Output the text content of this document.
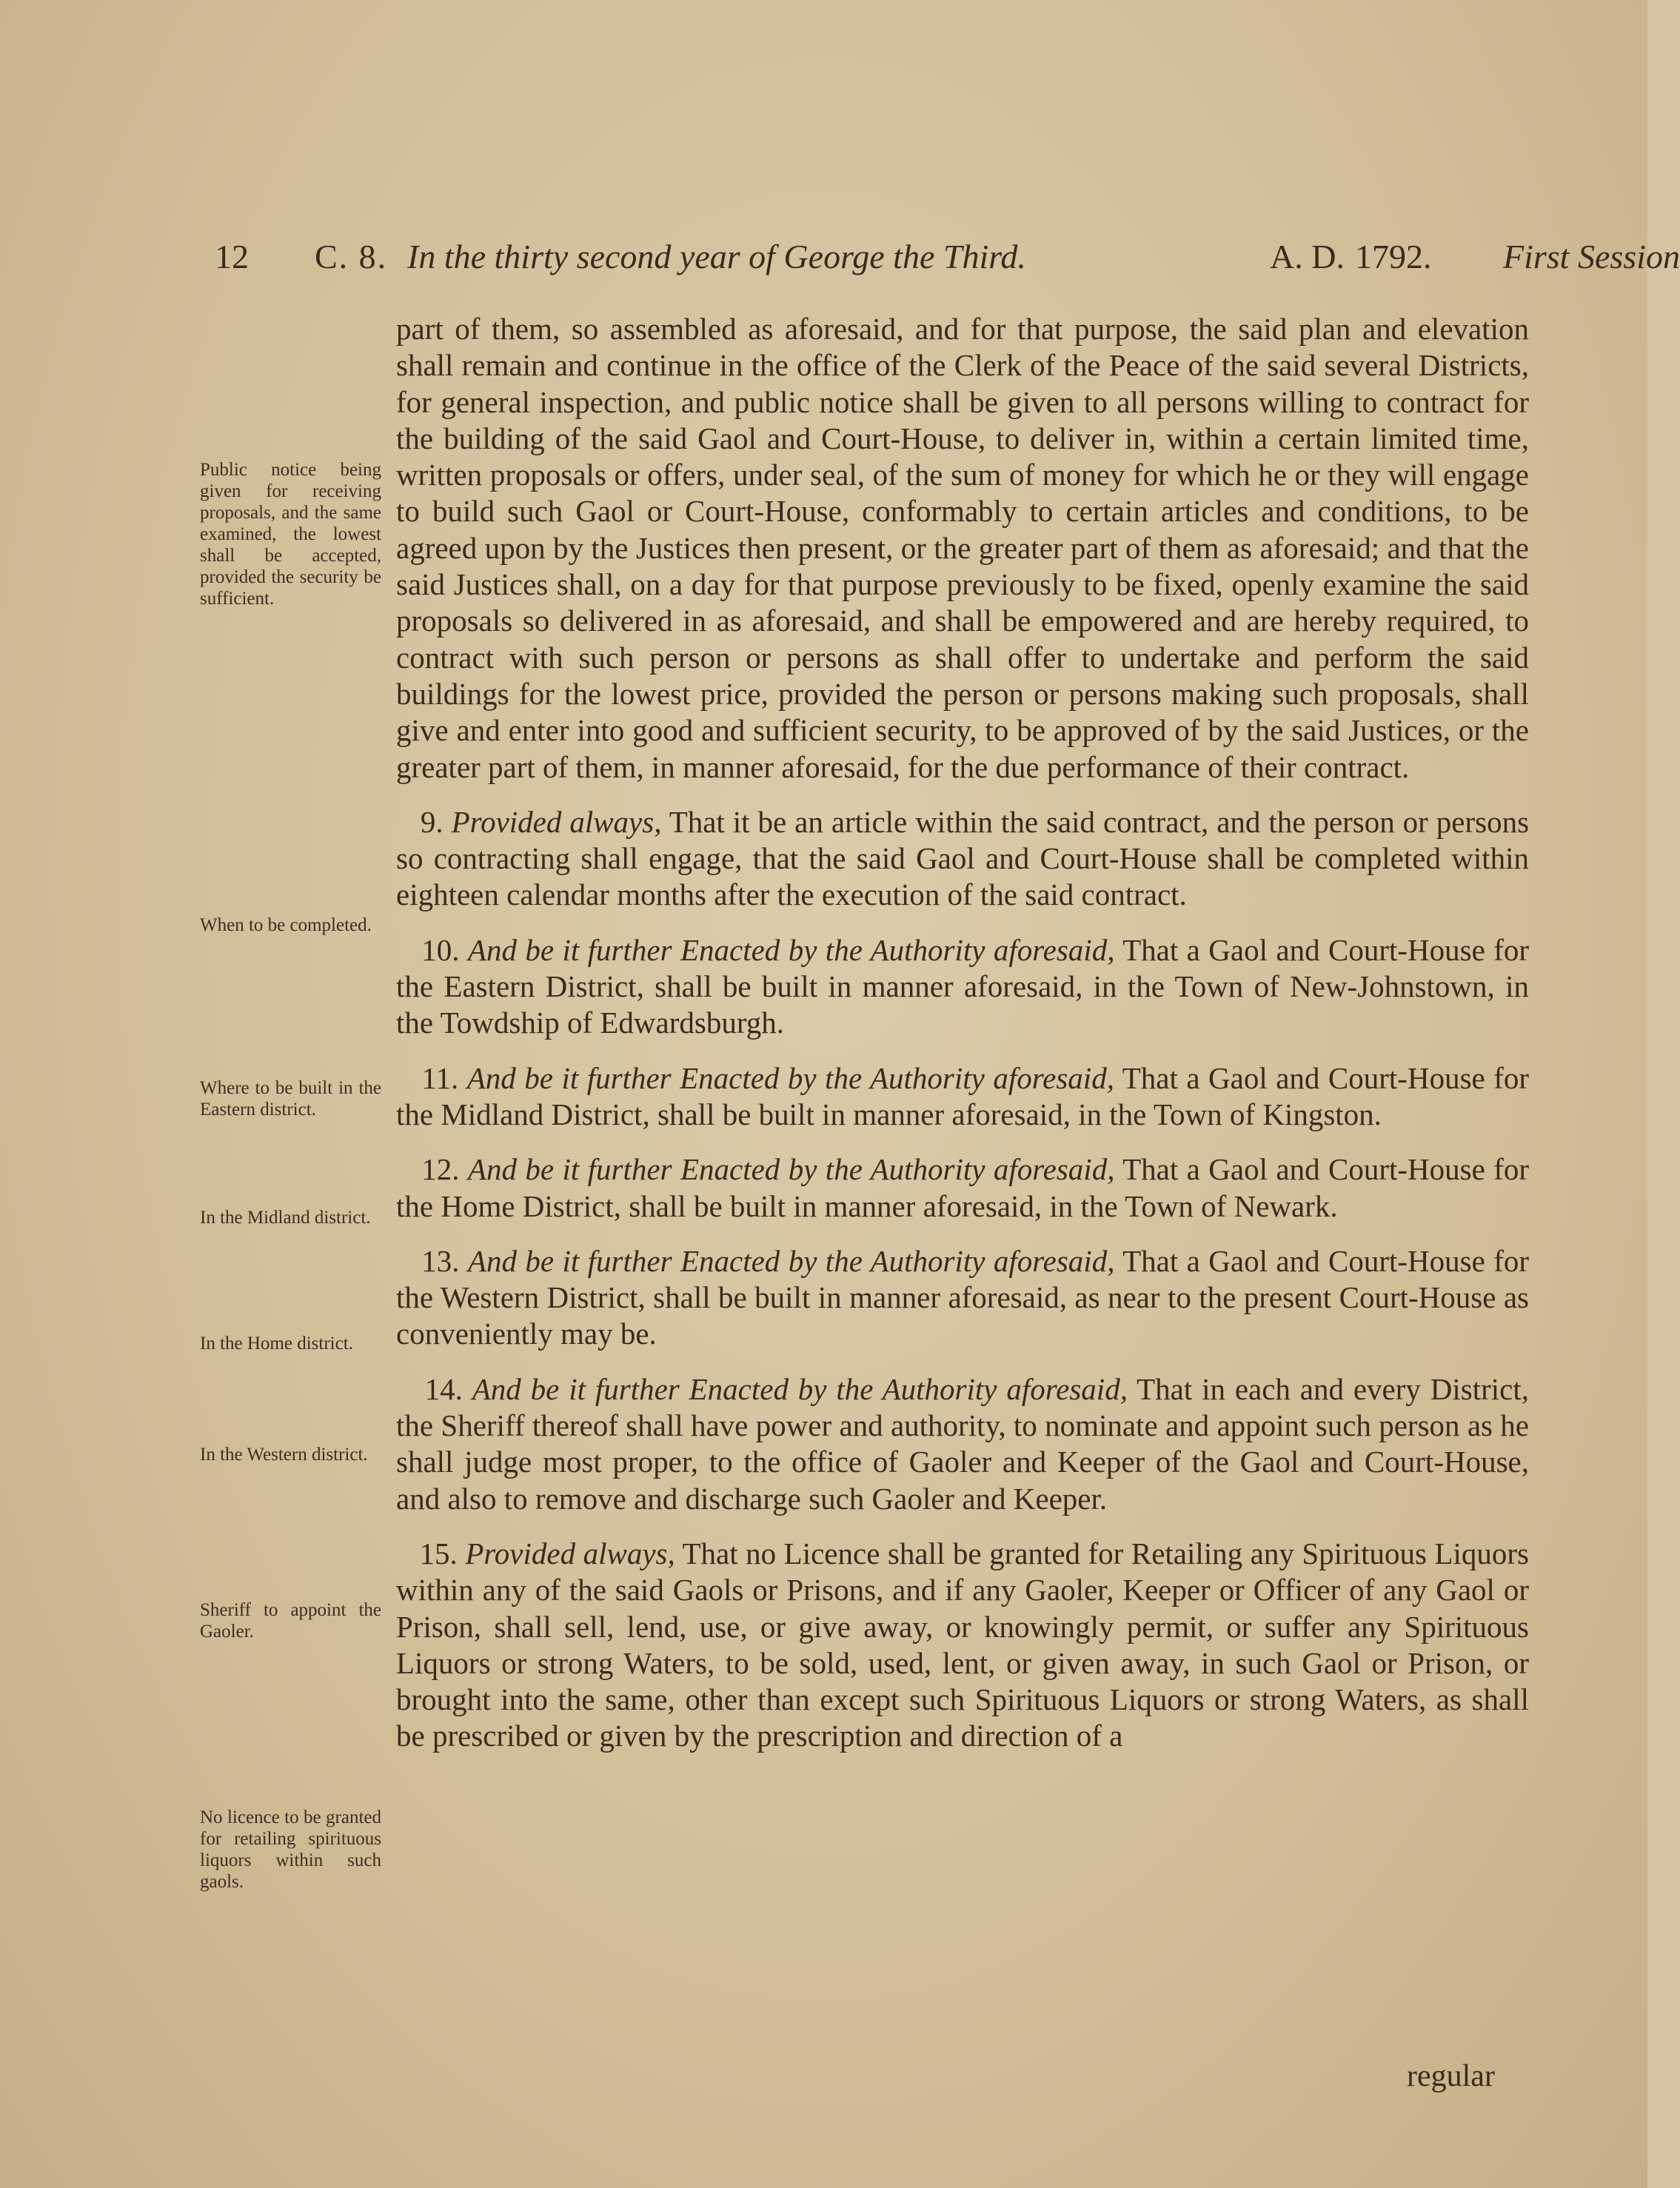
12 C. 8. In the thirty second year of George the Third.	A. D. 1792. First Session

part of them, so assembled as aforesaid, and for that purpose, the said plan and elevation shall remain and continue in the office of the Clerk of the Peace of the said several Districts, for general inspection, and public notice shall be given to all persons willing to contract for the building of the said Gaol and Court-House, to deliver in, within a certain limited time, written proposals or offers, under seal, of the sum of money for which he or they will engage to build such Gaol or Court-House, conformably to certain articles and conditions, to be agreed upon by the Justices then present, or the greater part of them as aforesaid; and that the said Justices shall, on a day for that purpose previously to be fixed, openly examine the said proposals so delivered in as aforesaid, and shall be empowered and are hereby required, to contract with such person or persons as shall offer to undertake and perform the said buildings for the lowest price, provided the person or persons making such proposals, shall give and enter into good and sufficient security, to be approved of by the said Justices, or the greater part of them, in manner aforesaid, for the due performance of their contract.

9. Provided always, That it be an article within the said contract, and the person or persons so contracting shall engage, that the said Gaol and Court-House shall be completed within eighteen calendar months after the execution of the said contract.

10. And be it further Enacted by the Authority aforesaid, That a Gaol and Court-House for the Eastern District, shall be built in manner aforesaid, in the Town of New-Johnstown, in the Towdship of Edwardsburgh.

11. And be it further Enacted by the Authority aforesaid, That a Gaol and Court-House for the Midland District, shall be built in manner aforesaid, in the Town of Kingston.

12. And be it further Enacted by the Authority aforesaid, That a Gaol and Court-House for the Home District, shall be built in manner aforesaid, in the Town of Newark.

13. And be it further Enacted by the Authority aforesaid, That a Gaol and Court-House for the Western District, shall be built in manner aforesaid, as near to the present Court-House as conveniently may be.

14. And be it further Enacted by the Authority aforesaid, That in each and every District, the Sheriff thereof shall have power and authority, to nominate and appoint such person as he shall judge most proper, to the office of Gaoler and Keeper of the Gaol and Court-House, and also to remove and discharge such Gaoler and Keeper.

15. Provided always, That no Licence shall be granted for Retailing any Spirituous Liquors within any of the said Gaols or Prisons, and if any Gaoler, Keeper or Officer of any Gaol or Prison, shall sell, lend, use, or give away, or knowingly permit, or suffer any Spirituous Liquors or strong Waters, to be sold, used, lent, or given away, in such Gaol or Prison, or brought into the same, other than except such Spirituous Liquors or strong Waters, as shall be prescribed or given by the prescription and direction of a

regular
Public notice being given for receiving proposals, and the same examined, the lowest shall be accepted, provided the security be sufficient.
When to be completed.
Where to be built in the Eastern district.
In the Midland district.
In the Home district.
In the Western district.
Sheriff to appoint the Gaoler.
No licence to be granted for retailing spirituous liquors within such gaols.
